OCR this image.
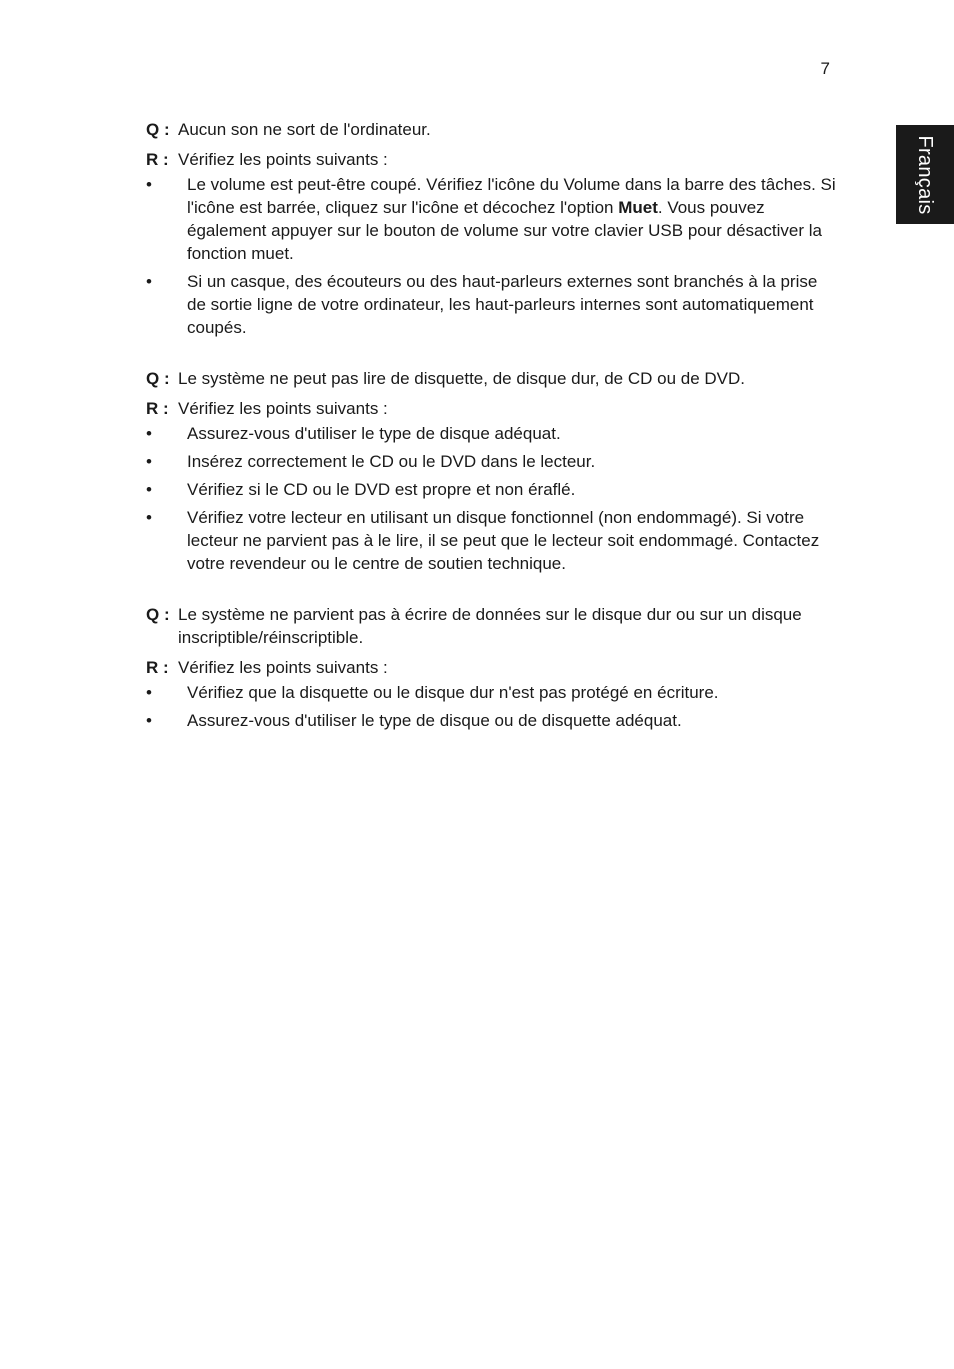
7
Français
Q : Aucun son ne sort de l'ordinateur.
R : Vérifiez les points suivants :
•	Le volume est peut-être coupé. Vérifiez l'icône du Volume dans la barre des tâches. Si l'icône est barrée, cliquez sur l'icône et décochez l'option Muet. Vous pouvez également appuyer sur le bouton de volume sur votre clavier USB pour désactiver la fonction muet.
•	Si un casque, des écouteurs ou des haut-parleurs externes sont branchés à la prise de sortie ligne de votre ordinateur, les haut-parleurs internes sont automatiquement coupés.
Q : Le système ne peut pas lire de disquette, de disque dur, de CD ou de DVD.
R : Vérifiez les points suivants :
•	Assurez-vous d'utiliser le type de disque adéquat.
•	Insérez correctement le CD ou le DVD dans le lecteur.
•	Vérifiez si le CD ou le DVD est propre et non éraflé.
•	Vérifiez votre lecteur en utilisant un disque fonctionnel (non endommagé). Si votre lecteur ne parvient pas à le lire, il se peut que le lecteur soit endommagé. Contactez votre revendeur ou le centre de soutien technique.
Q : Le système ne parvient pas à écrire de données sur le disque dur ou sur un disque inscriptible/réinscriptible.
R : Vérifiez les points suivants :
•	Vérifiez que la disquette ou le disque dur n'est pas protégé en écriture.
•	Assurez-vous d'utiliser le type de disque ou de disquette adéquat.
